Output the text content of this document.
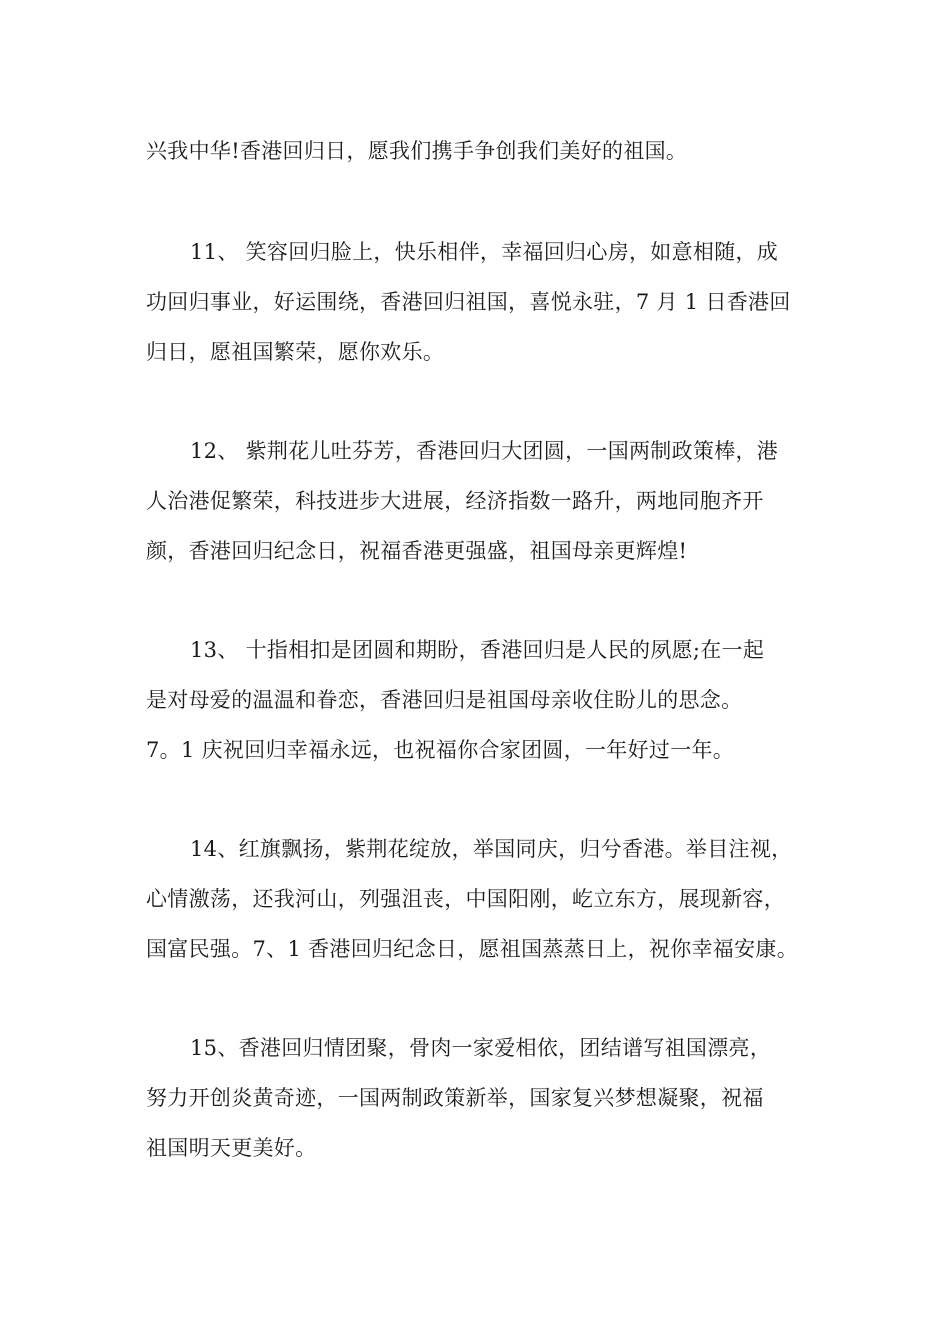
兴我中华!香港回归日，愿我们携手争创我们美好的祖国。

11、 笑容回归脸上，快乐相伴，幸福回归心房，如意相随，成

功回归事业，好运围绕，香港回归祖国，喜悦永驻，7 月 1 日香港回

归日，愿祖国繁荣，愿你欢乐。

12、 紫荆花儿吐芬芳，香港回归大团圆，一国两制政策棒，港

人治港促繁荣，科技进步大进展，经济指数一路升，两地同胞齐开

颜，香港回归纪念日，祝福香港更强盛，祖国母亲更辉煌!

13、 十指相扣是团圆和期盼，香港回归是人民的夙愿;在一起

是对母爱的温温和眷恋，香港回归是祖国母亲收住盼儿的思念。

7。1 庆祝回归幸福永远，也祝福你合家团圆，一年好过一年。

14、红旗飘扬，紫荆花绽放，举国同庆，归兮香港。举目注视，

心情激荡，还我河山，列强沮丧，中国阳刚，屹立东方，展现新容，

国富民强。7、1 香港回归纪念日，愿祖国蒸蒸日上，祝你幸福安康。

15、香港回归情团聚，骨肉一家爱相依，团结谱写祖国漂亮，

努力开创炎黄奇迹，一国两制政策新举，国家复兴梦想凝聚，祝福

祖国明天更美好。
